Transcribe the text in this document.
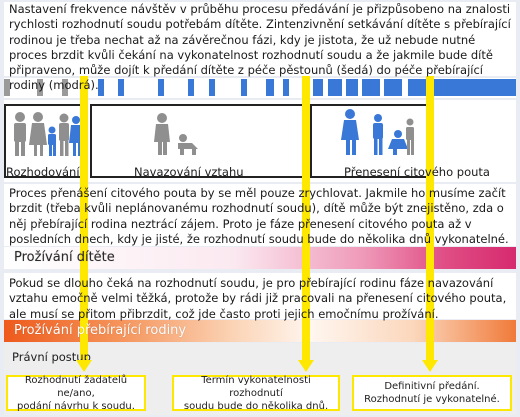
Nastavení frekvence návštěv v průběhu procesu předávání je přizpůsobeno na znalosti rychlosti rozhodnutí soudu potřebám dítěte. Zintenzivnění setkávání dítěte s přebírající rodinou je třeba nechat až na závěrečnou fázi, kdy je jistota, že už nebude nutné proces brzdit kvůli čekání na vykonatelnost rozhodnutí soudu a že jakmile bude dítě připraveno, může dojít k předání dítěte z péče pěstounů (šedá) do péče přebírající rodiny (modrá).
Rozhodování	Navazování vztahu	Přenesení citového pouta
Proces přenášení citového pouta by se měl pouze zrychlovat. Jakmile ho musíme začít brzdit (třeba kvůli neplánovanému rozhodnutí soudu), dítě může být znejistěno, zda o něj přebírající rodina neztrácí zájem. Proto je fáze přenesení citového pouta až v posledních dnech, kdy je jisté, že rozhodnutí soudu bude do několika dnů vykonatelné.
Prožívání dítěte
Pokud se dlouho čeká na rozhodnutí soudu, je pro přebírající rodinu fáze navazování vztahu emočně velmi těžká, protože by rádi již pracovali na přenesení citového pouta, ale musí se přitom přibrzdit, což jde často proti jejich emočnímu prožívání.
Prožívání přebírající rodiny
Právní postup
Rozhodnutí žadatelů ne/ano,
podání návrhu k soudu.
Termín vykonatelnosti rozhodnutí
soudu bude do několika dnů.
Definitivní předání.
Rozhodnutí je vykonatelné.
